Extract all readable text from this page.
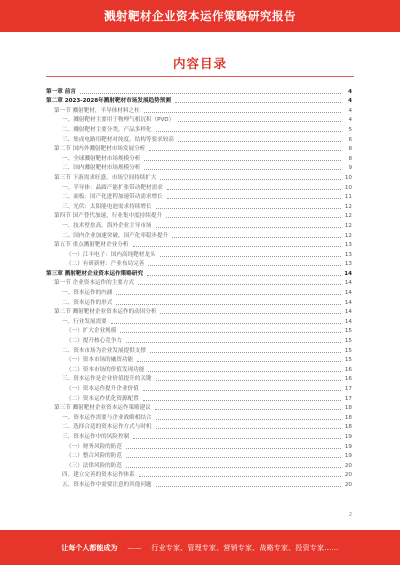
溅射靶材企业资本运作策略研究报告
内容目录
第一章 前言	4
第二章 2023-2028年溅射靶材市场发展趋势预测	4
第一节 溅射靶材，半导体材料之柱	4
一、溅射靶材主要用于物理气相沉积（PVD）	4
二、溅射靶材主要分类，产品多样化	5
三、集成电路用靶材对纯度、结构等要求较高	6
第二节 国内外溅射靶材市场发展分析	8
一、全球溅射靶材市场规模分析	8
二、国内溅射靶材市场规模分析	9
第三节 下游需求旺盛，市场空间持续扩大	10
一、半导体：晶圆产能扩张带动靶材需求	10
二、面板：国产化进程加速带动需求增长	11
三、光伏：太阳能电池需求持续增长	12
第四节 国产替代加速，行业集中度持续提升	12
一、技术壁垒高，海外企业主导市场	12
二、国内企业加速突破，国产化率稳步提升	12
第五节 重点溅射靶材企业分析	13
（一）江丰电子：国内高纯靶材龙头	13
（二）有研新材：产业布局完善	13
第三章 溅射靶材企业资本运作策略研究	14
第一节 企业资本运作的主要方式	14
一、资本运作的内涵	14
二、资本运作的形式	14
第二节 溅射靶材企业资本运作的动因分析	14
一、行业发展需要	14
（一）扩大企业规模	15
（二）提升核心竞争力	15
二、资本市场为企业发展提供支撑	15
（一）资本市场的融资功能	15
（二）资本市场的价值发现功能	16
三、资本运作是企业价值提升的关键	16
（一）资本运作提升企业价值	17
（二）资本运作优化资源配置	17
第三节 溅射靶材企业资本运作策略建议	18
一、资本运作需要与企业战略相结合	18
二、选择合适的资本运作方式与时机	18
三、资本运作中的风险控制	19
（一）财务风险的防范	19
（二）整合风险的防范	19
（三）法律风险的防范	20
四、建立完善的资本运作体系	20
五、资本运作中需要注意的其他问题	20
2
让每个人都能成为 —— 行业专家、管理专家、营销专家、战略专家、投资专家……
